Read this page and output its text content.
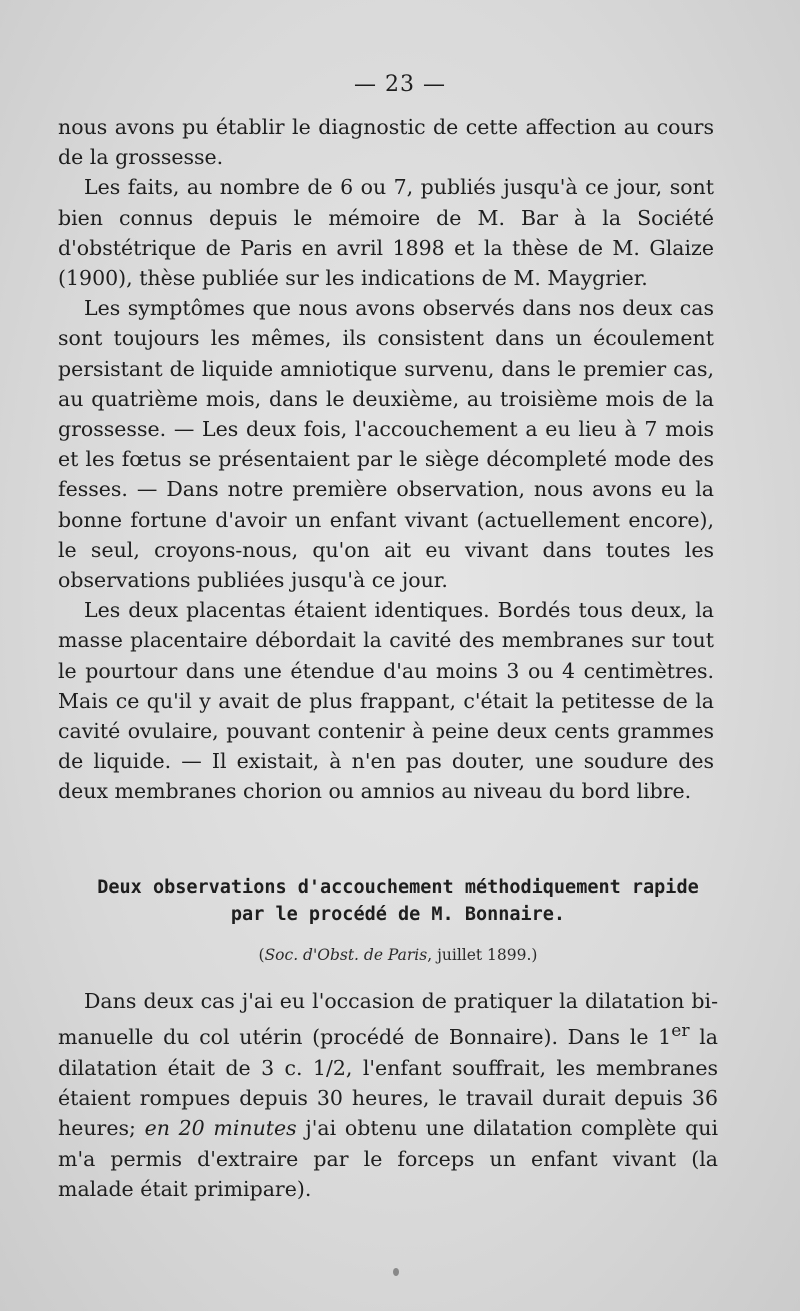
— 23 —

nous avons pu établir le diagnostic de cette affection au cours de la grossesse.

Les faits, au nombre de 6 ou 7, publiés jusqu'à ce jour, sont bien connus depuis le mémoire de M. Bar à la Société d'obstétrique de Paris en avril 1898 et la thèse de M. Glaize (1900), thèse publiée sur les indications de M. Maygrier.

Les symptômes que nous avons observés dans nos deux cas sont toujours les mêmes, ils consistent dans un écoulement persistant de liquide amniotique survenu, dans le premier cas, au quatrième mois, dans le deuxième, au troisième mois de la grossesse. — Les deux fois, l'accouchement a eu lieu à 7 mois et les fœtus se présentaient par le siège décompleté mode des fesses. — Dans notre première observation, nous avons eu la bonne fortune d'avoir un enfant vivant (actuellement encore), le seul, croyons-nous, qu'on ait eu vivant dans toutes les observations publiées jusqu'à ce jour.

Les deux placentas étaient identiques. Bordés tous deux, la masse placentaire débordait la cavité des membranes sur tout le pourtour dans une étendue d'au moins 3 ou 4 centimètres. Mais ce qu'il y avait de plus frappant, c'était la petitesse de la cavité ovulaire, pouvant contenir à peine deux cents grammes de liquide. — Il existait, à n'en pas douter, une soudure des deux membranes chorion ou amnios au niveau du bord libre.

Deux observations d'accouchement méthodiquement rapide

par le procédé de M. Bonnaire.

(Soc. d'Obst. de Paris, juillet 1899.)

Dans deux cas j'ai eu l'occasion de pratiquer la dilatation bi-manuelle du col utérin (procédé de Bonnaire). Dans le 1er la dilatation était de 3 c. 1/2, l'enfant souffrait, les membranes étaient rompues depuis 30 heures, le travail durait depuis 36 heures; en 20 minutes j'ai obtenu une dilatation complète qui m'a permis d'extraire par le forceps un enfant vivant (la malade était primipare).
